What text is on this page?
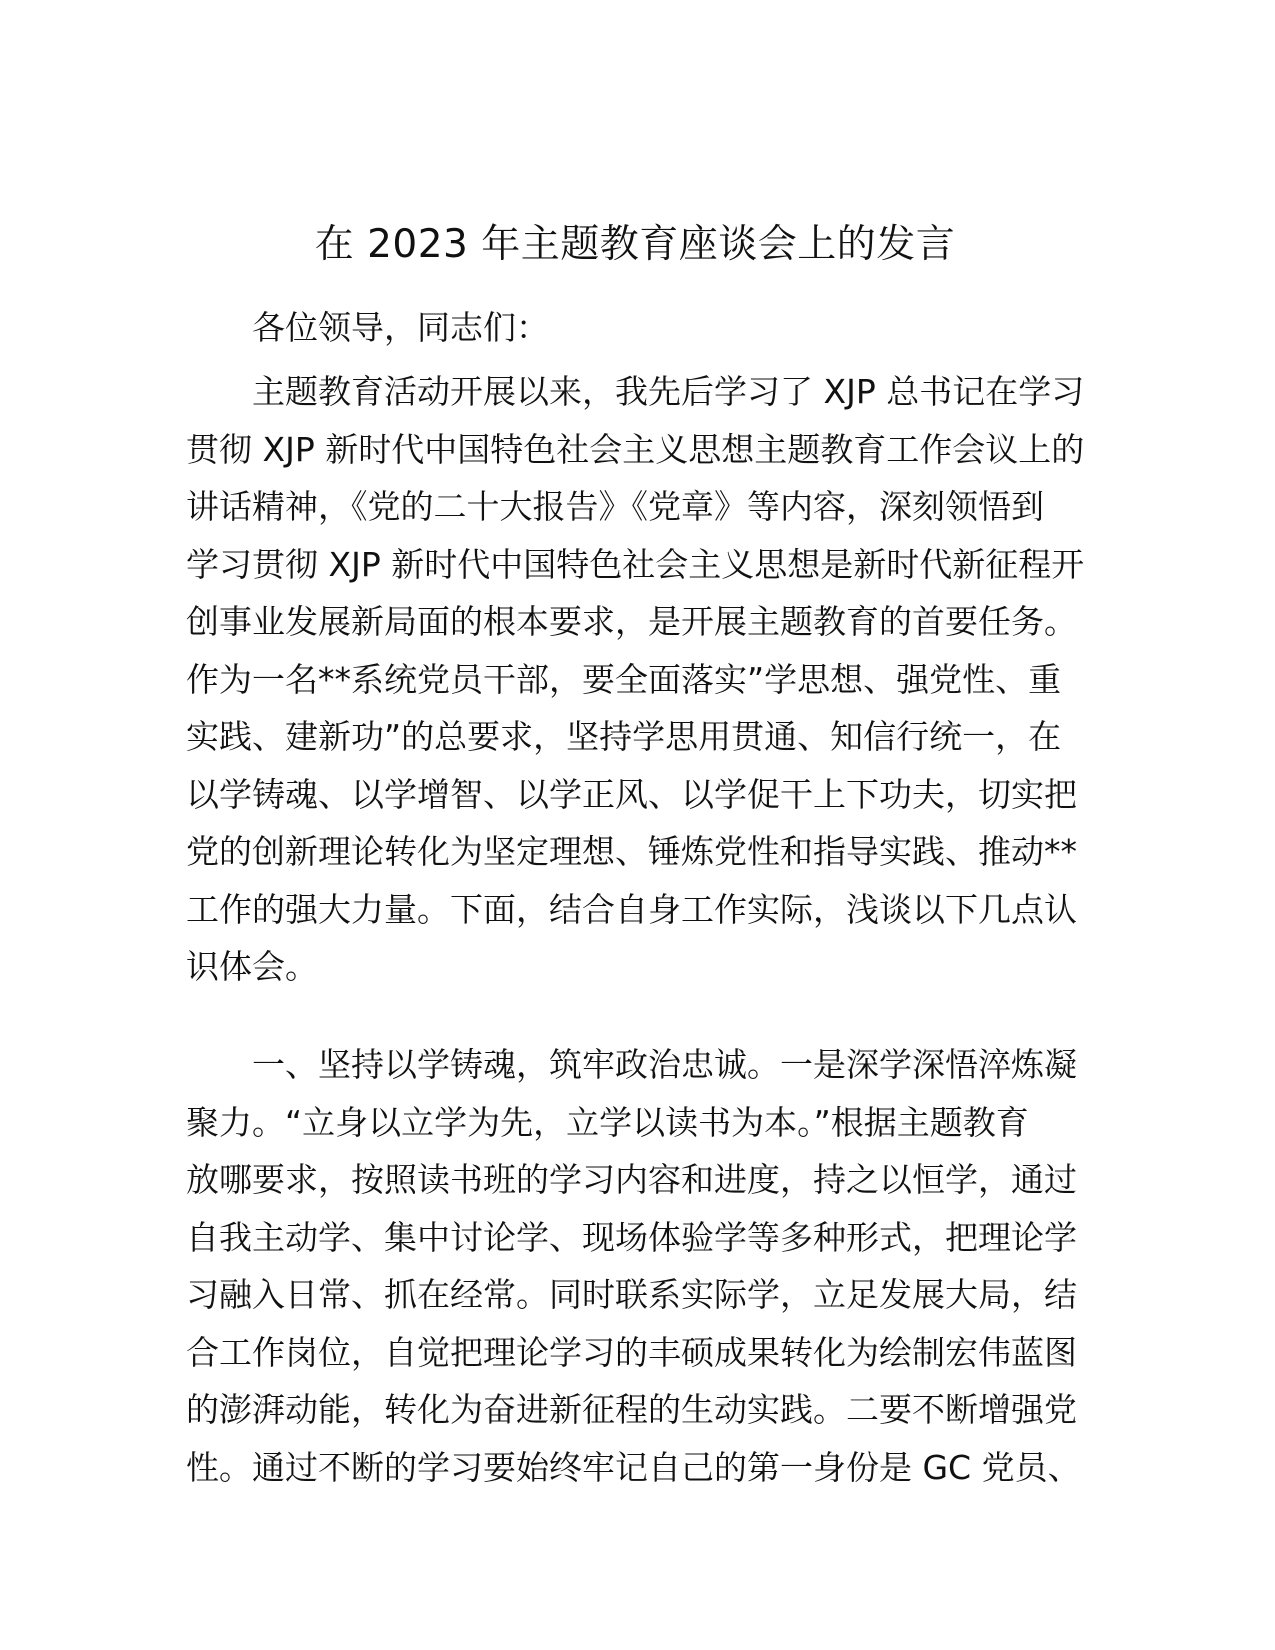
在 2023 年主题教育座谈会上的发言
各位领导，同志们：
主题教育活动开展以来，我先后学习了 XJP 总书记在学习
贯彻 XJP 新时代中国特色社会主义思想主题教育工作会议上的
讲话精神，《党的二十大报告》《党章》等内容，深刻领悟到
学习贯彻 XJP 新时代中国特色社会主义思想是新时代新征程开
创事业发展新局面的根本要求，是开展主题教育的首要任务。
作为一名**系统党员干部，要全面落实”学思想、强党性、重
实践、建新功”的总要求，坚持学思用贯通、知信行统一，在
以学铸魂、以学增智、以学正风、以学促干上下功夫，切实把
党的创新理论转化为坚定理想、锤炼党性和指导实践、推动**
工作的强大力量。下面，结合自身工作实际，浅谈以下几点认
识体会。
一、坚持以学铸魂，筑牢政治忠诚。一是深学深悟淬炼凝
聚力。“立身以立学为先，立学以读书为本。”根据主题教育
放哪要求，按照读书班的学习内容和进度，持之以恒学，通过
自我主动学、集中讨论学、现场体验学等多种形式，把理论学
习融入日常、抓在经常。同时联系实际学，立足发展大局，结
合工作岗位，自觉把理论学习的丰硕成果转化为绘制宏伟蓝图
的澎湃动能，转化为奋进新征程的生动实践。二要不断增强党
性。通过不断的学习要始终牢记自己的第一身份是 GC 党员、
